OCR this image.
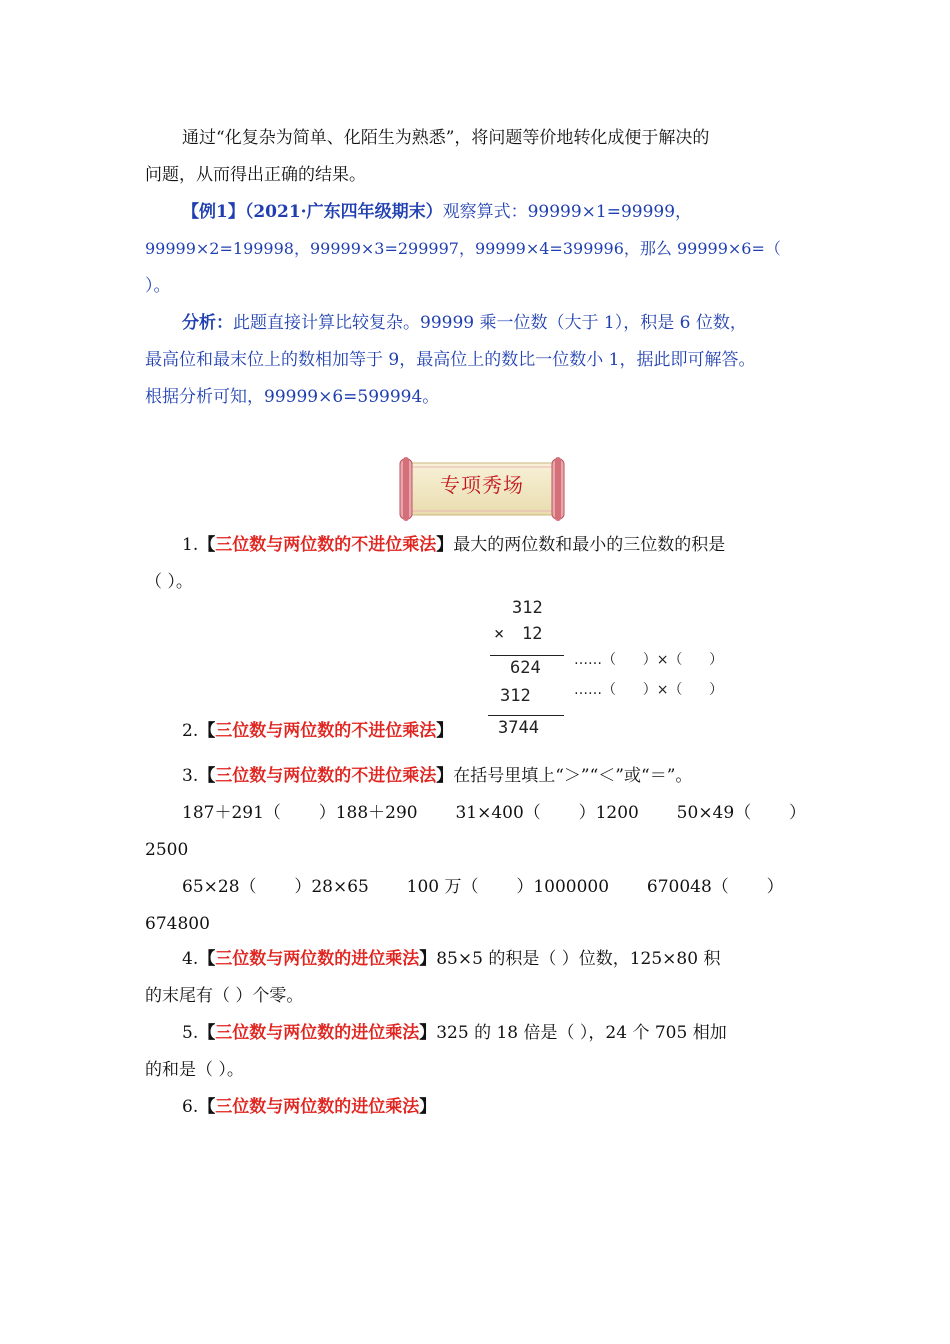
通过“化复杂为简单、化陌生为熟悉”，将问题等价地转化成便于解决的
问题，从而得出正确的结果。
【例1】（2021·广东四年级期末）观察算式：99999×1=99999，
99999×2=199998，99999×3=299997，99999×4=399996，那么 99999×6=（
）。
分析：此题直接计算比较复杂。99999 乘一位数（大于 1），积是 6 位数，
最高位和最末位上的数相加等于 9，最高位上的数比一位数小 1，据此即可解答。
根据分析可知，99999×6=599994。
专项秀场
1.【三位数与两位数的不进位乘法】最大的两位数和最小的三位数的积是
（ ）。
312
× 12
624
312
3744
……（      ）×（      ）
……（      ）×（      ）
2.【三位数与两位数的不进位乘法】
3.【三位数与两位数的不进位乘法】在括号里填上“＞”“＜”或“＝”。
187＋291（       ）188＋290       31×400（       ）1200       50×49（       ）
2500
65×28（       ）28×65       100 万（       ）1000000       670048（       ）
674800
4.【三位数与两位数的进位乘法】85×5 的积是（ ）位数，125×80 积
的末尾有（ ）个零。
5.【三位数与两位数的进位乘法】325 的 18 倍是（ ），24 个 705 相加
的和是（ ）。
6.【三位数与两位数的进位乘法】
